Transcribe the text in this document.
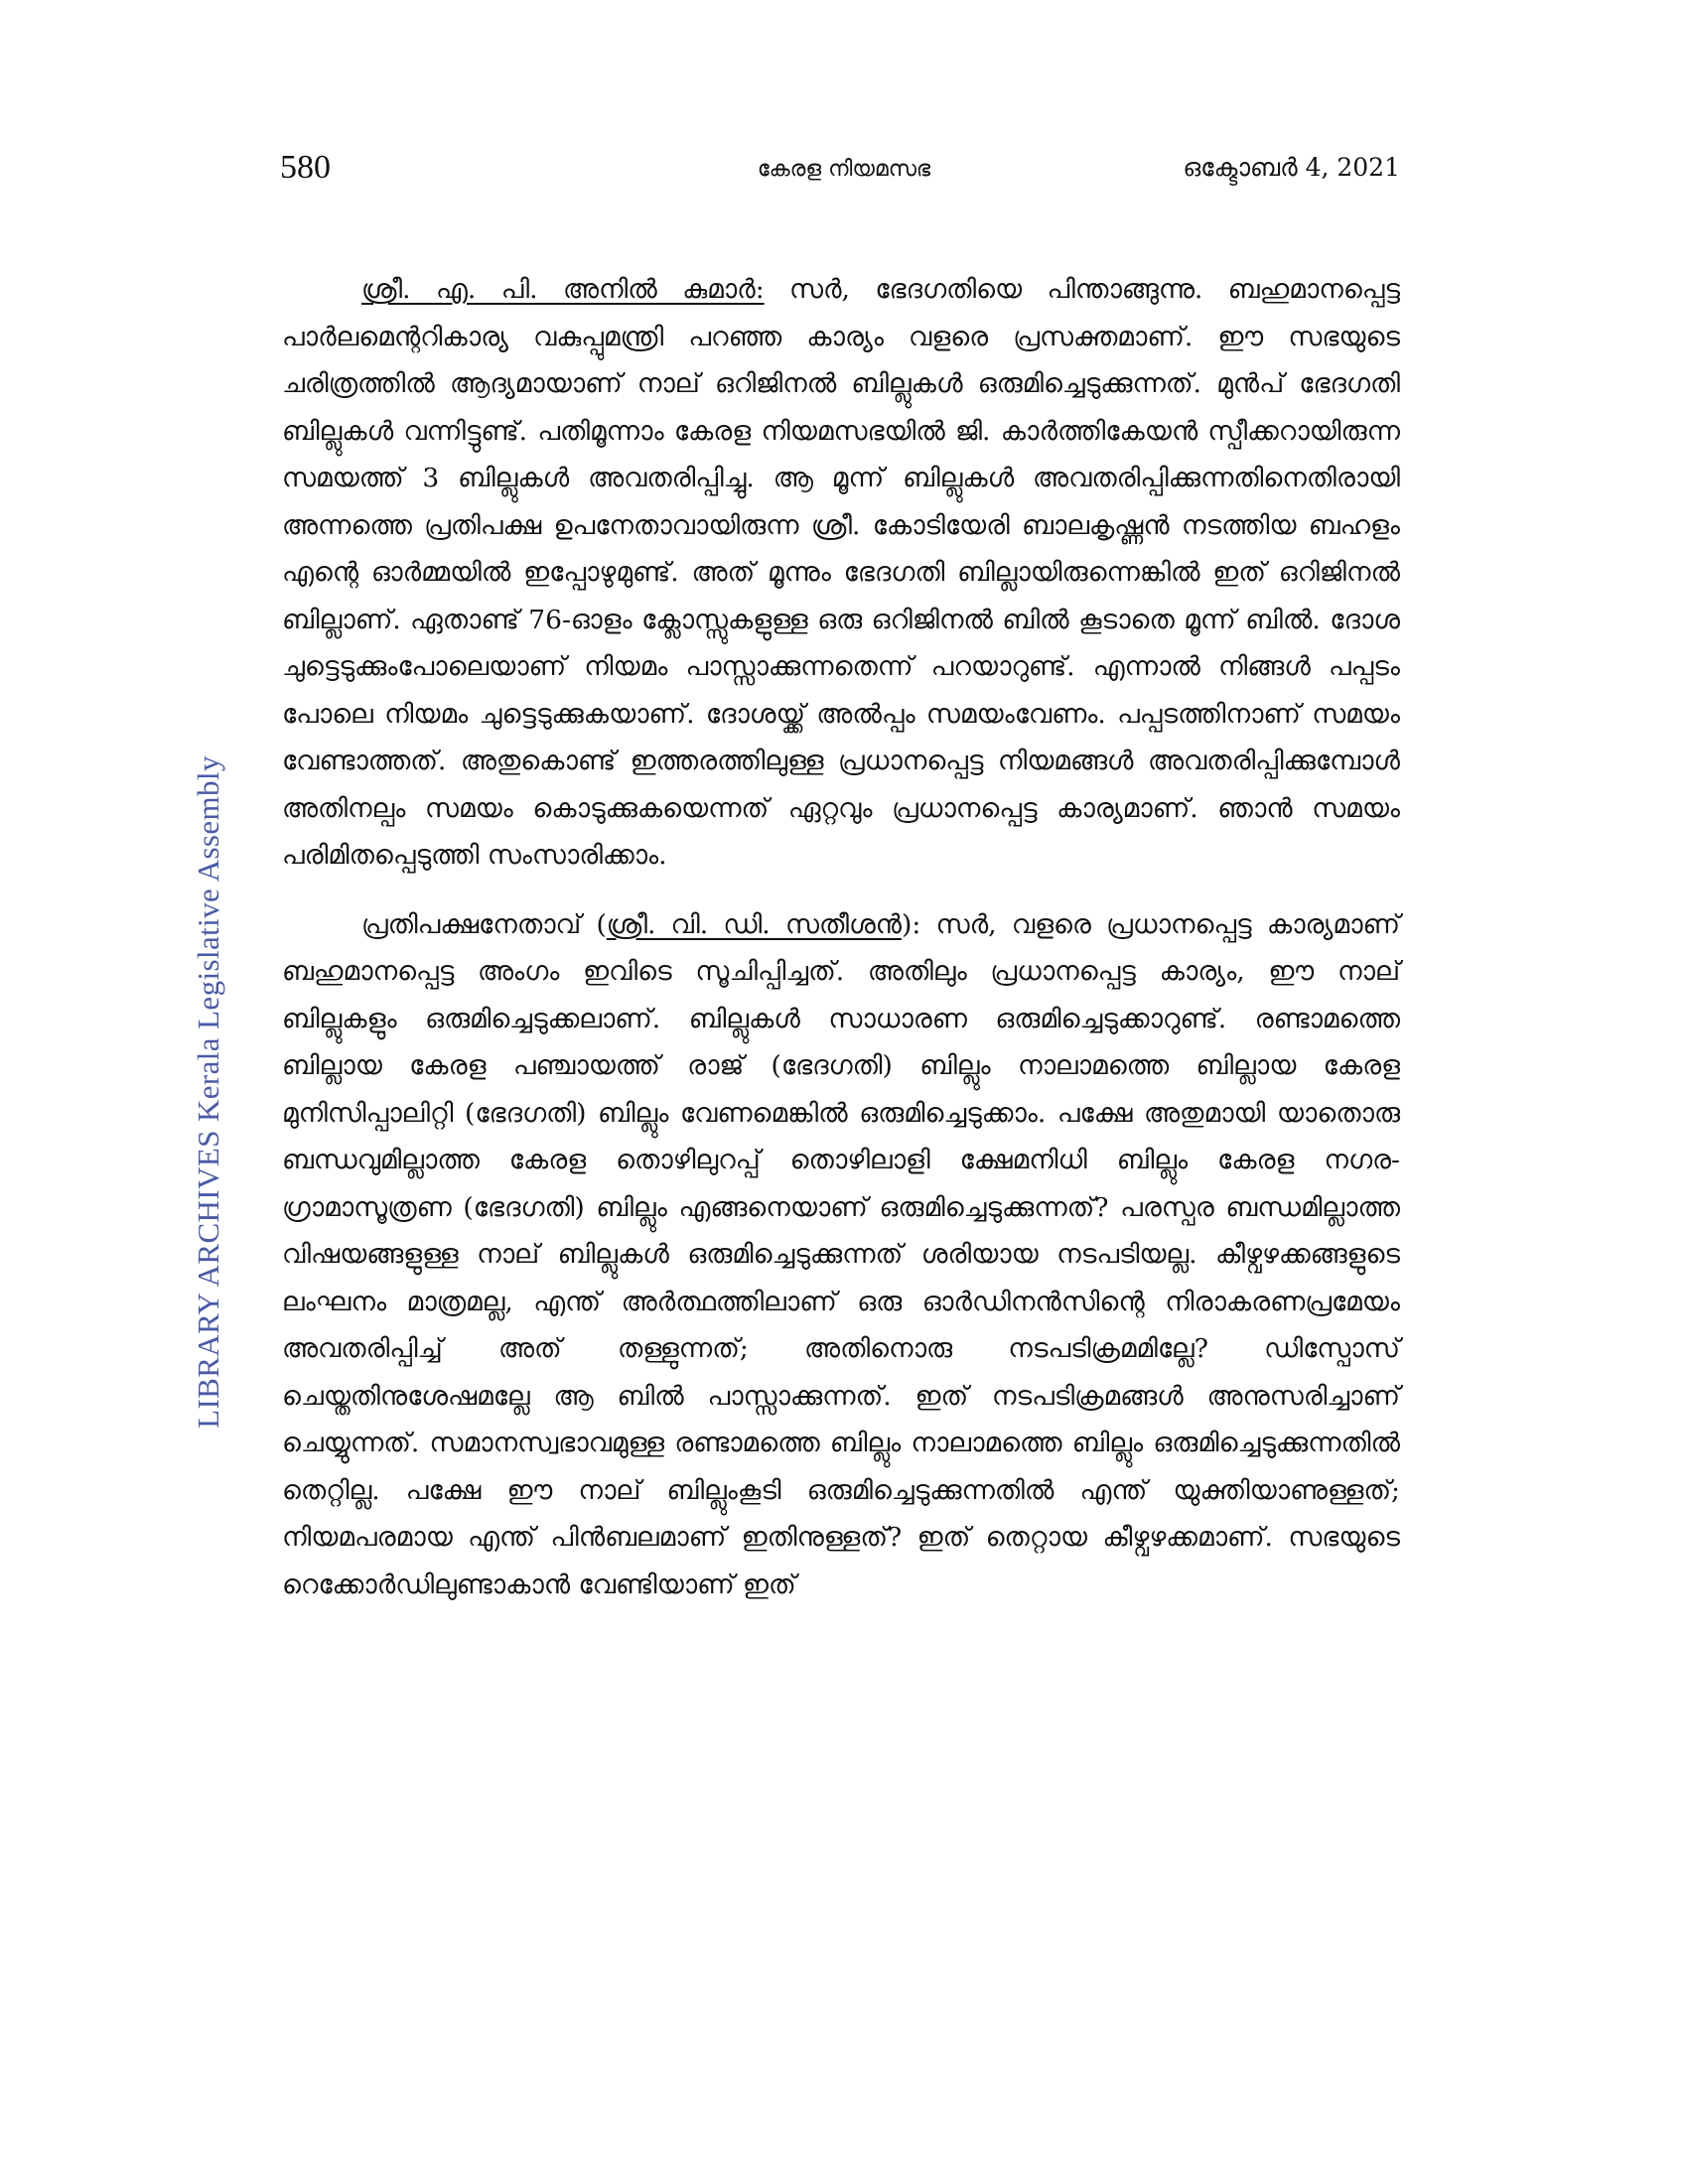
580	കേരള നിയമസഭ	ഒക്ടോബർ 4, 2021
LIBRARY ARCHIVES Kerala Legislative Assembly

ശ്രീ. എ. പി. അനിൽ കുമാർ: സർ, ഭേദഗതിയെ പിന്താങ്ങുന്നു. ബഹുമാനപ്പെട്ട പാർലമെന്ററികാര്യ വകുപ്പുമന്ത്രി പറഞ്ഞ കാര്യം വളരെ പ്രസക്തമാണ്. ഈ സഭയുടെ ചരിത്രത്തിൽ ആദ്യമായാണ് നാല് ഒറിജിനൽ ബില്ലുകൾ ഒരുമിച്ചെടുക്കുന്നത്. മുൻപ് ഭേദഗതി ബില്ലുകൾ വന്നിട്ടുണ്ട്. പതിമൂന്നാം കേരള നിയമസഭയിൽ ജി. കാർത്തികേയൻ സ്പീക്കറായിരുന്ന സമയത്ത് 3 ബില്ലുകൾ അവതരിപ്പിച്ചു. ആ മൂന്ന് ബില്ലുകൾ അവതരിപ്പിക്കുന്നതിനെതിരായി അന്നത്തെ പ്രതിപക്ഷ ഉപനേതാവായിരുന്ന ശ്രീ. കോടിയേരി ബാലകൃഷ്ണൻ നടത്തിയ ബഹളം എന്റെ ഓർമ്മയിൽ ഇപ്പോഴുമുണ്ട്. അത് മൂന്നും ഭേദഗതി ബില്ലായിരുന്നെങ്കിൽ ഇത് ഒറിജിനൽ ബില്ലാണ്. ഏതാണ്ട് 76-ഓളം ക്ലോസ്സുകളുള്ള ഒരു ഒറിജിനൽ ബിൽ കൂടാതെ മൂന്ന് ബിൽ. ദോശ ചുട്ടെടുക്കുംപോലെയാണ് നിയമം പാസ്സാക്കുന്നതെന്ന് പറയാറുണ്ട്. എന്നാൽ നിങ്ങൾ പപ്പടം പോലെ നിയമം ചുട്ടെടുക്കുകയാണ്. ദോശയ്ക്ക് അൽപ്പം സമയംവേണം. പപ്പടത്തിനാണ് സമയം വേണ്ടാത്തത്. അതുകൊണ്ട് ഇത്തരത്തിലുള്ള പ്രധാനപ്പെട്ട നിയമങ്ങൾ അവതരിപ്പിക്കുമ്പോൾ അതിനല്പം സമയം കൊടുക്കുകയെന്നത് ഏറ്റവും പ്രധാനപ്പെട്ട കാര്യമാണ്. ഞാൻ സമയം പരിമിതപ്പെടുത്തി സംസാരിക്കാം.

പ്രതിപക്ഷനേതാവ് (ശ്രീ. വി. ഡി. സതീശൻ): സർ, വളരെ പ്രധാനപ്പെട്ട കാര്യമാണ് ബഹുമാനപ്പെട്ട അംഗം ഇവിടെ സൂചിപ്പിച്ചത്. അതിലും പ്രധാനപ്പെട്ട കാര്യം, ഈ നാല് ബില്ലുകളും ഒരുമിച്ചെടുക്കലാണ്. ബില്ലുകൾ സാധാരണ ഒരുമിച്ചെടുക്കാറുണ്ട്. രണ്ടാമത്തെ ബില്ലായ കേരള പഞ്ചായത്ത് രാജ് (ഭേദഗതി) ബില്ലും നാലാമത്തെ ബില്ലായ കേരള മുനിസിപ്പാലിറ്റി (ഭേദഗതി) ബില്ലും വേണമെങ്കിൽ ഒരുമിച്ചെടുക്കാം. പക്ഷേ അതുമായി യാതൊരു ബന്ധവുമില്ലാത്ത കേരള തൊഴിലുറപ്പ് തൊഴിലാളി ക്ഷേമനിധി ബില്ലും കേരള നഗര-ഗ്രാമാസൂത്രണ (ഭേദഗതി) ബില്ലും എങ്ങനെയാണ് ഒരുമിച്ചെടുക്കുന്നത്? പരസ്പര ബന്ധമില്ലാത്ത വിഷയങ്ങളുള്ള നാല് ബില്ലുകൾ ഒരുമിച്ചെടുക്കുന്നത് ശരിയായ നടപടിയല്ല. കീഴ്വഴക്കങ്ങളുടെ ലംഘനം മാത്രമല്ല, എന്ത് അർത്ഥത്തിലാണ് ഒരു ഓർഡിനൻസിന്റെ നിരാകരണപ്രമേയം അവതരിപ്പിച്ച് അത് തള്ളുന്നത്; അതിനൊരു നടപടിക്രമമില്ലേ? ഡിസ്പോസ് ചെയ്തതിനുശേഷമല്ലേ ആ ബിൽ പാസ്സാക്കുന്നത്. ഇത് നടപടിക്രമങ്ങൾ അനുസരിച്ചാണ് ചെയ്യുന്നത്. സമാനസ്വഭാവമുള്ള രണ്ടാമത്തെ ബില്ലും നാലാമത്തെ ബില്ലും ഒരുമിച്ചെടുക്കുന്നതിൽ തെറ്റില്ല. പക്ഷേ ഈ നാല് ബില്ലുംകൂടി ഒരുമിച്ചെടുക്കുന്നതിൽ എന്ത് യുക്തിയാണുള്ളത്; നിയമപരമായ എന്ത് പിൻബലമാണ് ഇതിനുള്ളത്? ഇത് തെറ്റായ കീഴ്വഴക്കമാണ്. സഭയുടെ റെക്കോർഡിലുണ്ടാകാൻ വേണ്ടിയാണ് ഇത്
